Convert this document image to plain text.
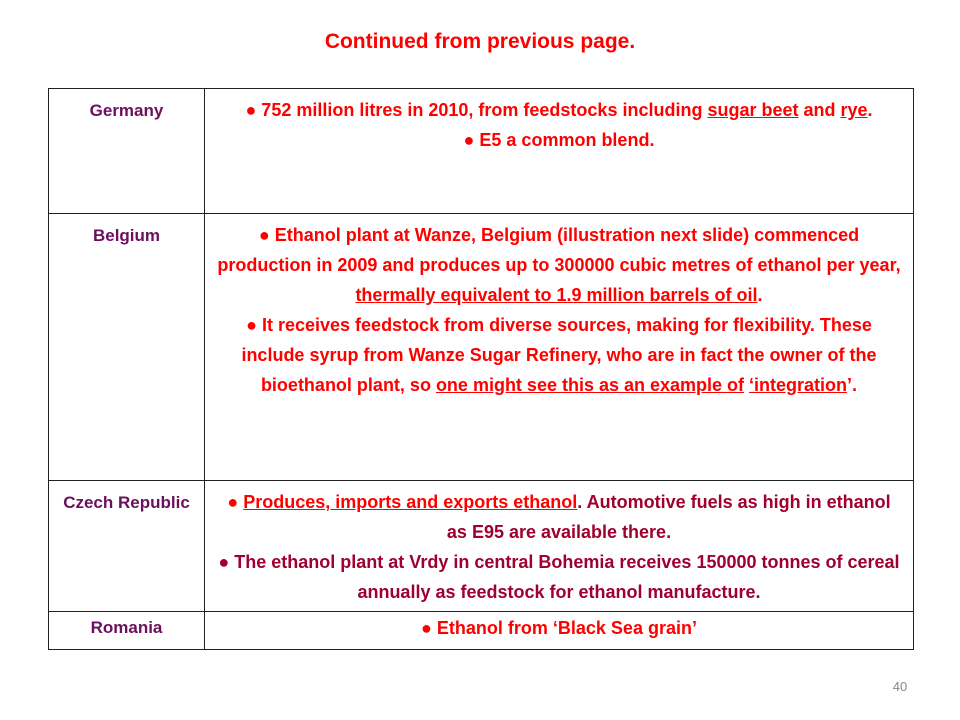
Continued from previous page.
Germany	● 752 million litres in 2010, from feedstocks including sugar beet and rye.
● E5 a common blend.

Belgium	● Ethanol plant at Wanze, Belgium (illustration next slide) commenced production in 2009 and produces up to 300000 cubic metres of ethanol per year, thermally equivalent to 1.9 million barrels of oil.
● It receives feedstock from diverse sources, making for flexibility. These include syrup from Wanze Sugar Refinery, who are in fact the owner of the bioethanol plant, so one might see this as an example of ‘integration’.

Czech Republic	● Produces, imports and exports ethanol. Automotive fuels as high in ethanol as E95 are available there.
● The ethanol plant at Vrdy in central Bohemia receives 150000 tonnes of cereal annually as feedstock for ethanol manufacture.

Romania	● Ethanol from ‘Black Sea grain’
40
